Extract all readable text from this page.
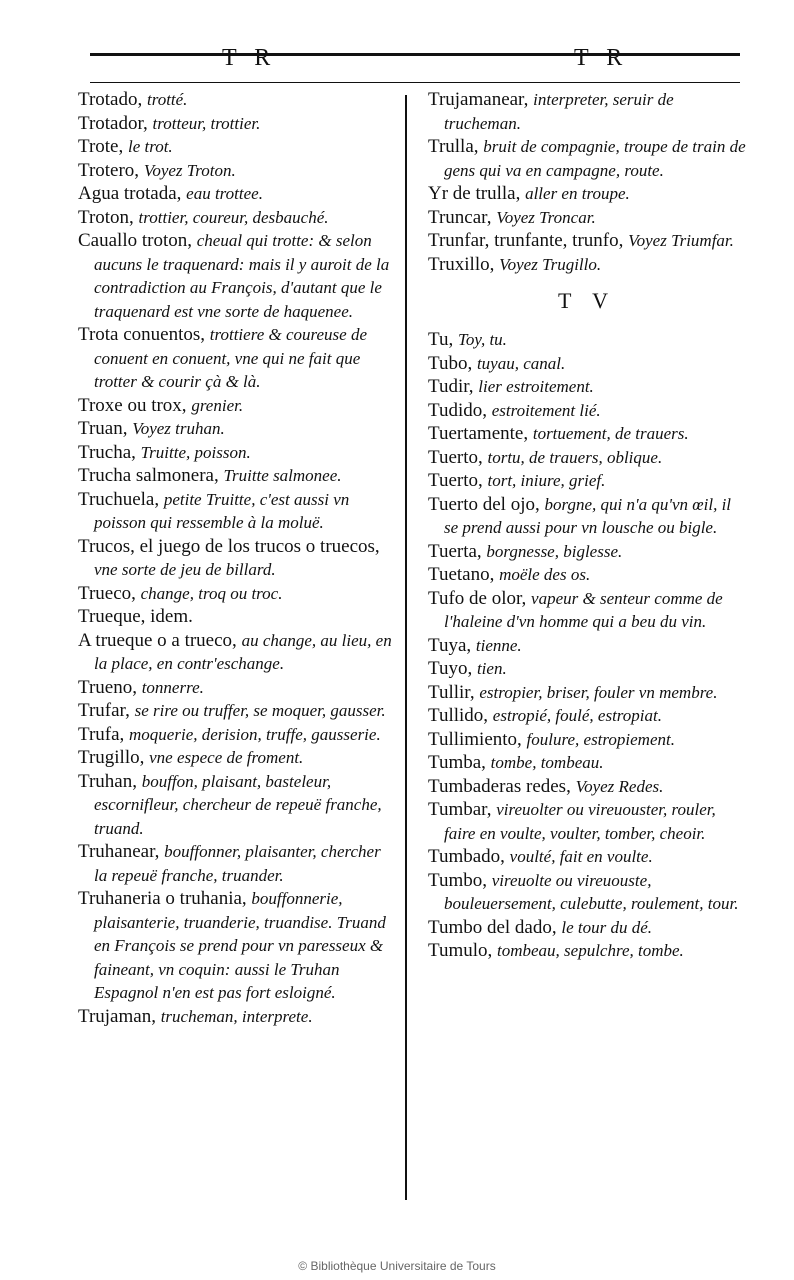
T R	T R

Trotado, trotté.

Trotador, trotteur, trottier.

Trote, le trot.

Trotero, Voyez Troton.

Agua trotada, eau trottee.

Troton, trottier, coureur, desbauché.

Cauallo troton, cheual qui trotte: & selon aucuns le traquenard: mais il y auroit de la contradiction au François, d'autant que le traquenard est vne sorte de haquenee.

Trota conuentos, trottiere & coureuse de conuent en conuent, vne qui ne fait que trotter & courir çà & là.

Troxe ou trox, grenier.

Truan, Voyez truhan.

Trucha, Truitte, poisson.

Trucha salmonera, Truitte salmonee.

Truchuela, petite Truitte, c'est aussi vn poisson qui ressemble à la moluë.

Trucos, el juego de los trucos o truecos, vne sorte de jeu de billard.

Trueco, change, troq ou troc.

Trueque, idem.

A trueque o a trueco, au change, au lieu, en la place, en contr'eschange.

Trueno, tonnerre.

Trufar, se rire ou truffer, se moquer, gausser.

Trufa, moquerie, derision, truffe, gausserie.

Trugillo, vne espece de froment.

Truhan, bouffon, plaisant, basteleur, escornifleur, chercheur de repeuë franche, truand.

Truhanear, bouffonner, plaisanter, chercher la repeuë franche, truander.

Truhaneria o truhania, bouffonnerie, plaisanterie, truanderie, truandise. Truand en François se prend pour vn paresseux & faineant, vn coquin: aussi le Truhan Espagnol n'en est pas fort esloigné.

Trujaman, trucheman, interprete.

Trujamanear, interpreter, seruir de trucheman.

Trulla, bruit de compagnie, troupe de train de gens qui va en campagne, route.

Yr de trulla, aller en troupe.

Truncar, Voyez Troncar.

Trunfar, trunfante, trunfo, Voyez Triumfar.

Truxillo, Voyez Trugillo.

T V

Tu, Toy, tu.

Tubo, tuyau, canal.

Tudir, lier estroitement.

Tudido, estroitement lié.

Tuertamente, tortuement, de trauers.

Tuerto, tortu, de trauers, oblique.

Tuerto, tort, iniure, grief.

Tuerto del ojo, borgne, qui n'a qu'vn œil, il se prend aussi pour vn lousche ou bigle.

Tuerta, borgnesse, biglesse.

Tuetano, moële des os.

Tufo de olor, vapeur & senteur comme de l'haleine d'vn homme qui a beu du vin.

Tuya, tienne.

Tuyo, tien.

Tullir, estropier, briser, fouler vn membre.

Tullido, estropié, foulé, estropiat.

Tullimiento, foulure, estropiement.

Tumba, tombe, tombeau.

Tumbaderas redes, Voyez Redes.

Tumbar, vireuolter ou vireuouster, rouler, faire en voulte, voulter, tomber, cheoir.

Tumbado, voulté, fait en voulte.

Tumbo, vireuolte ou vireuouste, bouleuersement, culebutte, roulement, tour.

Tumbo del dado, le tour du dé.

Tumulo, tombeau, sepulchre, tombe.

© Bibliothèque Universitaire de Tours
